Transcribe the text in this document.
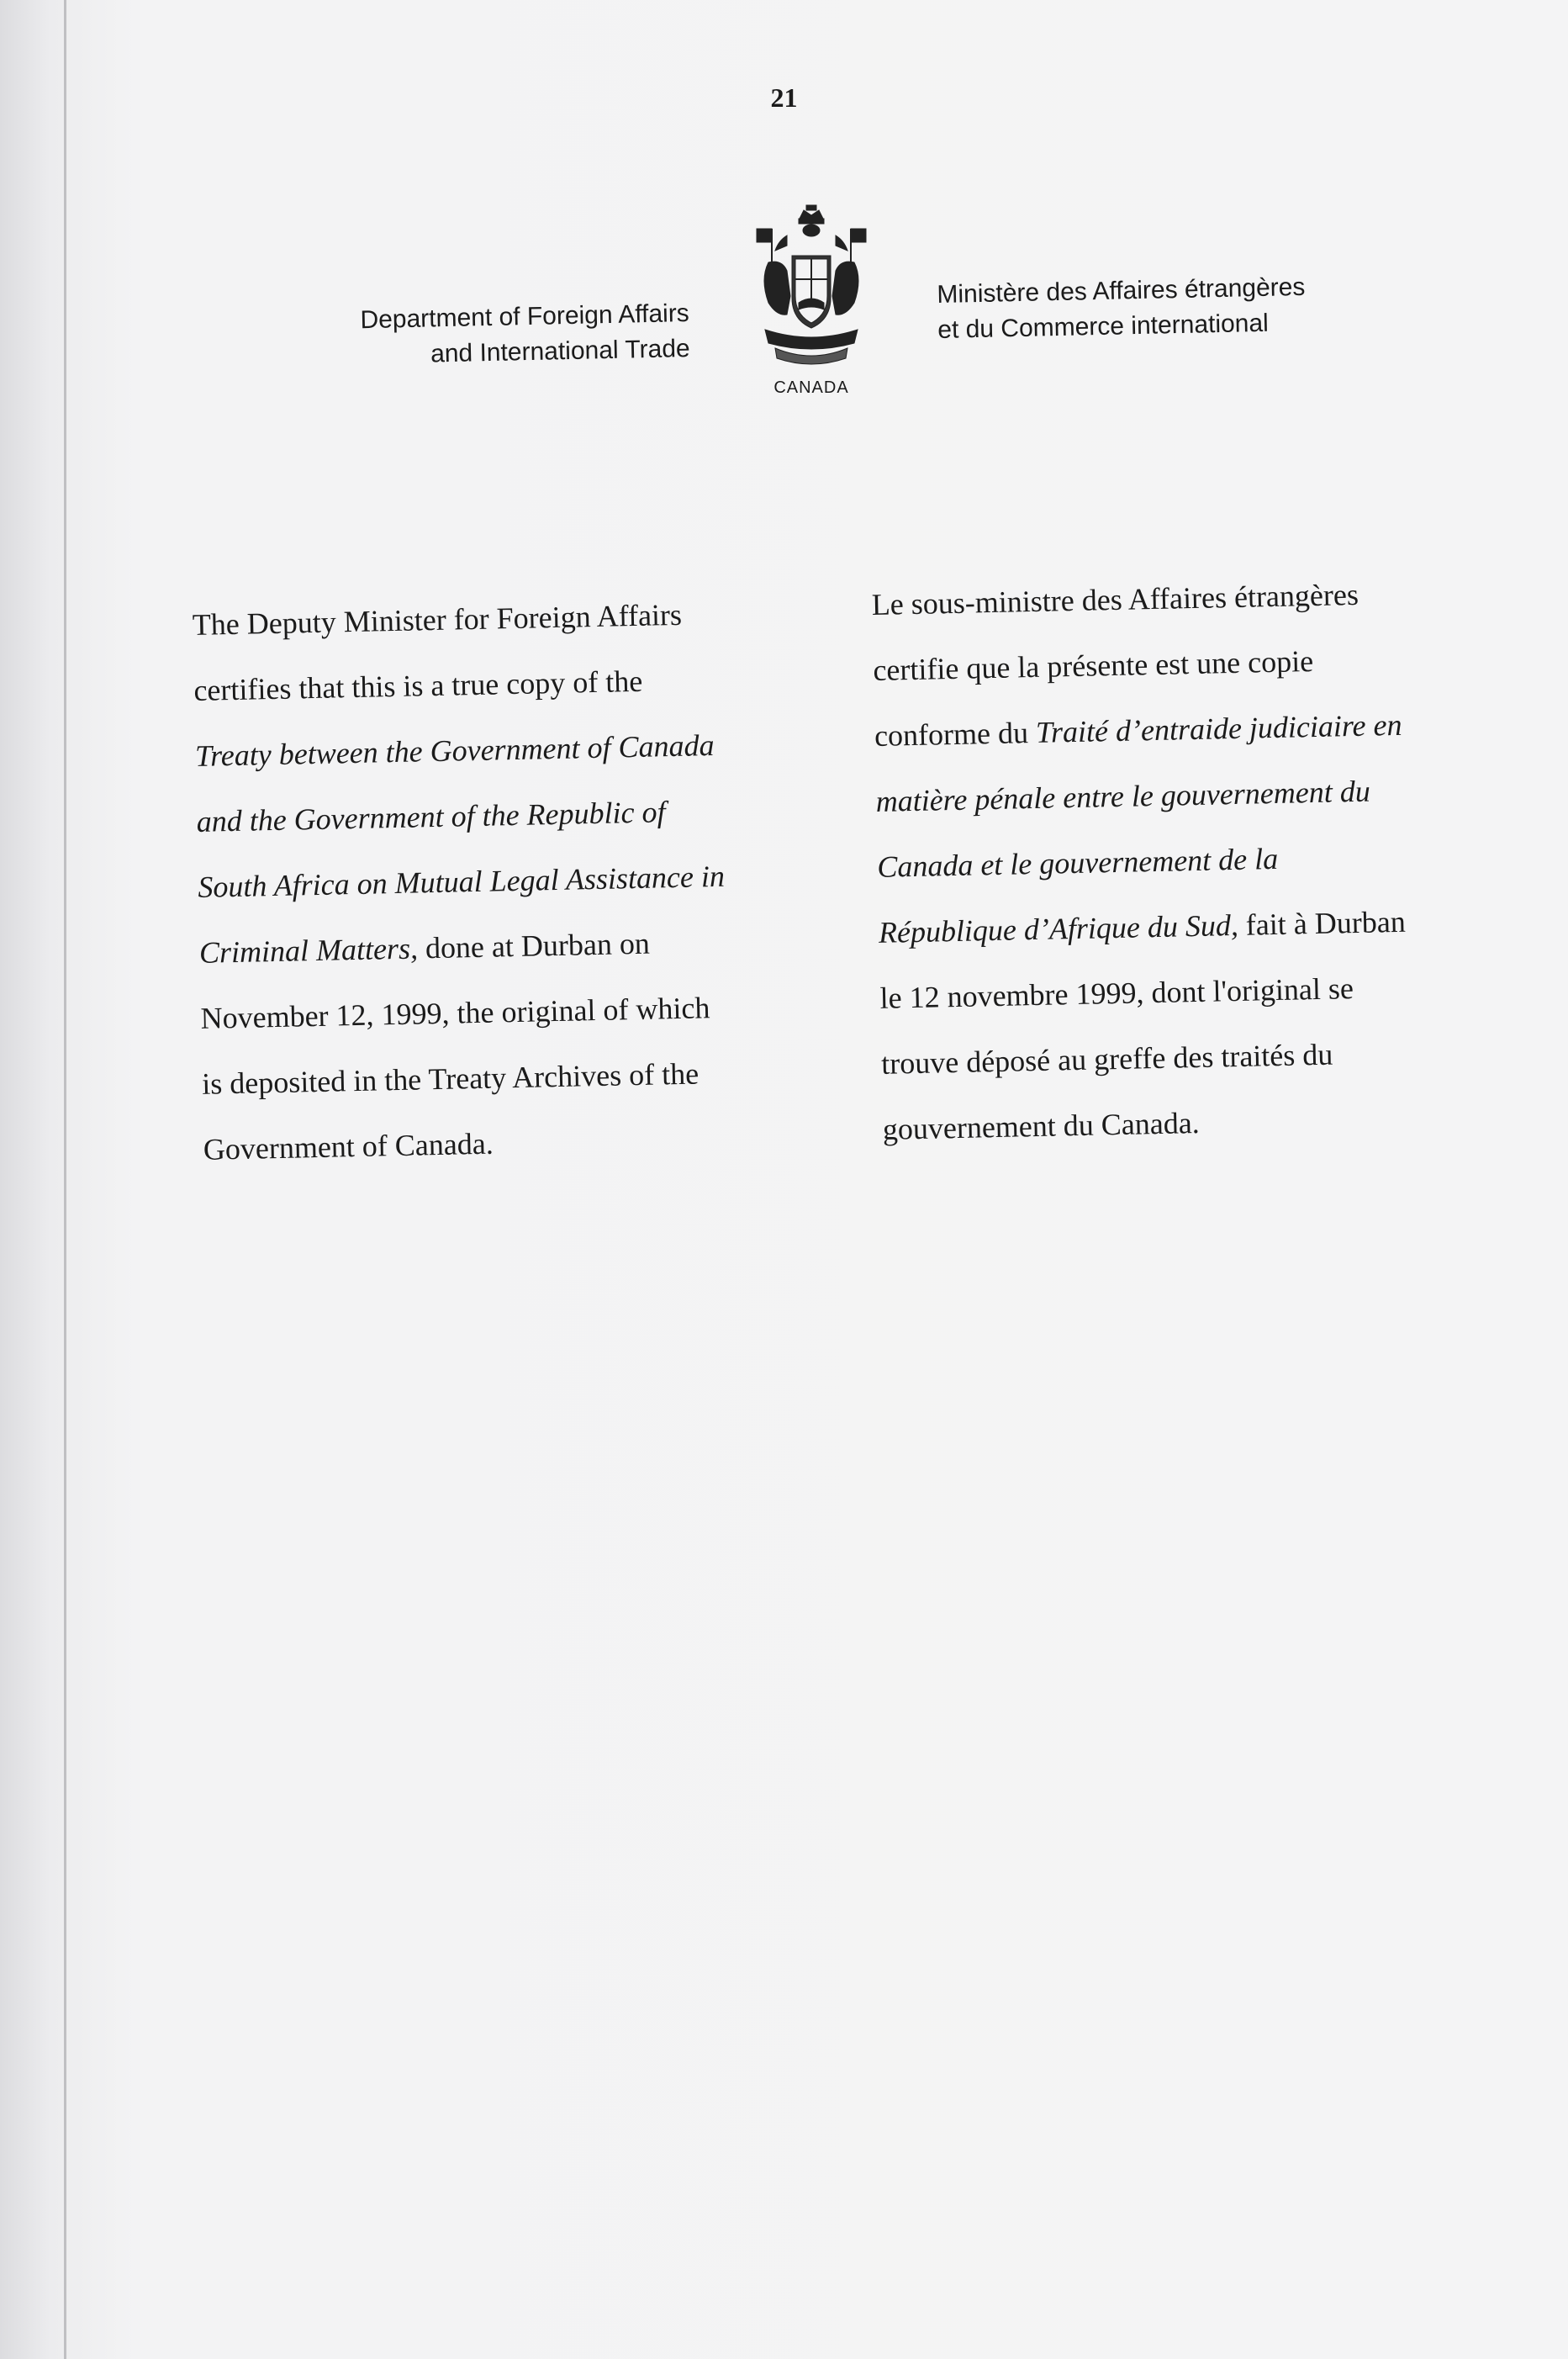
21
Department of Foreign Affairs
and International Trade
CANADA
Ministère des Affaires étrangères
et du Commerce international
The Deputy Minister for Foreign Affairs
certifies that this is a true copy of the
Treaty between the Government of Canada
and the Government of the Republic of
South Africa on Mutual Legal Assistance in
Criminal Matters, done at Durban on
November 12, 1999, the original of which
is deposited in the Treaty Archives of the
Government of Canada.
Le sous-ministre des Affaires étrangères
certifie que la présente est une copie
conforme du Traité d’entraide judiciaire en
matière pénale entre le gouvernement du
Canada et le gouvernement de la
République d’Afrique du Sud, fait à Durban
le 12 novembre 1999, dont l'original se
trouve déposé au greffe des traités du
gouvernement du Canada.
